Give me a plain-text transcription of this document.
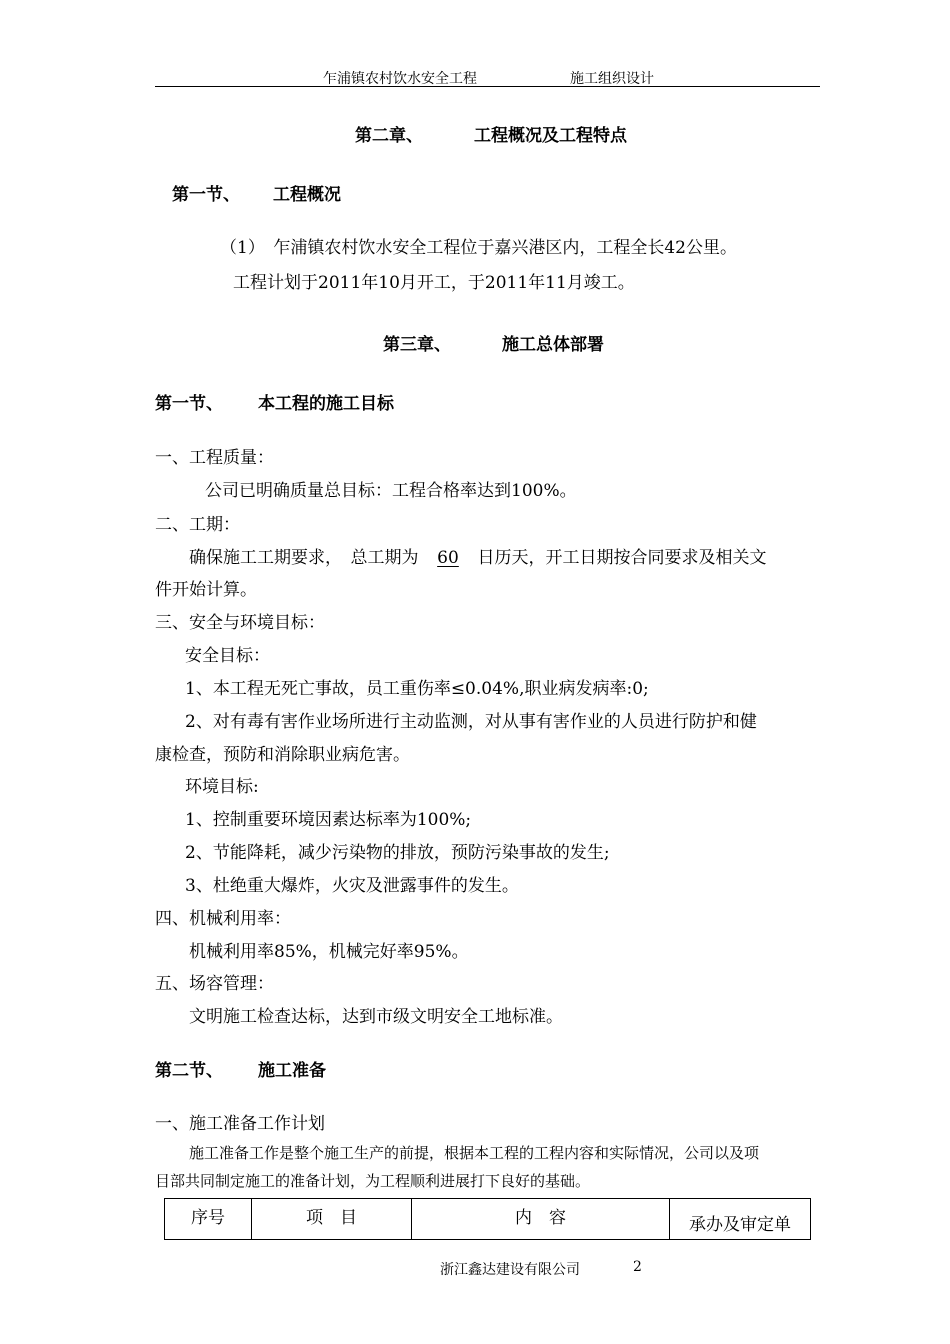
乍浦镇农村饮水安全工程	施工组织设计
第二章、	工程概况及工程特点
第一节、 工程概况
（1）　乍浦镇农村饮水安全工程位于嘉兴港区内，工程全长42公里。
工程计划于2011年10月开工，于2011年11月竣工。
第三章、	施工总体部署
第一节、 本工程的施工目标
一、工程质量：
公司已明确质量总目标：工程合格率达到100%。
二、工期：
确保施工工期要求，　总工期为 60 日历天，开工日期按合同要求及相关文
件开始计算。
三、安全与环境目标：
安全目标：
1、本工程无死亡事故，员工重伤率≤0.04%,职业病发病率:0;
2、对有毒有害作业场所进行主动监测，对从事有害作业的人员进行防护和健
康检查，预防和消除职业病危害。
环境目标:
1、控制重要环境因素达标率为100%;
2、节能降耗，减少污染物的排放，预防污染事故的发生;
3、杜绝重大爆炸，火灾及泄露事件的发生。
四、机械利用率：
机械利用率85%，机械完好率95%。
五、场容管理：
文明施工检查达标，达到市级文明安全工地标准。
第二节、 施工准备
一、施工准备工作计划
施工准备工作是整个施工生产的前提，根据本工程的工程内容和实际情况，公司以及项
目部共同制定施工的准备计划，为工程顺利进展打下良好的基础。
序号	项　目	内　容	承办及审定单
浙江鑫达建设有限公司	2
